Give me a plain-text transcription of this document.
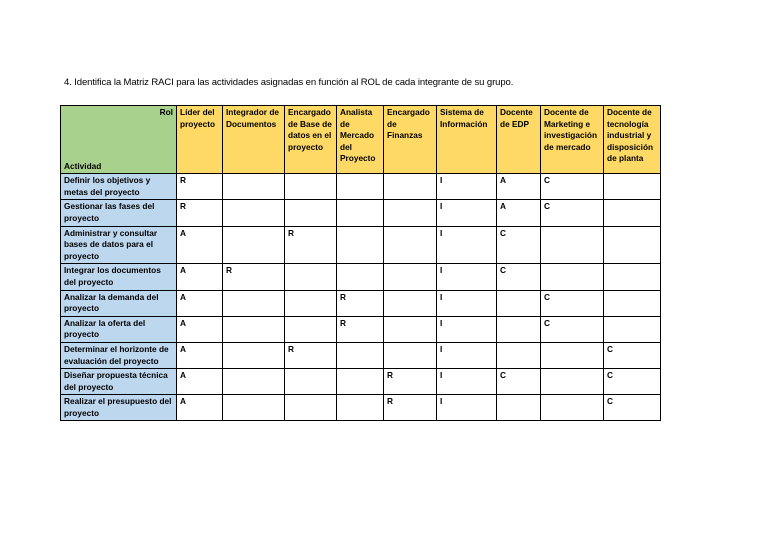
4. Identifica la Matriz RACI para las actividades asignadas en función al ROL de cada integrante de su grupo.
Rol
Actividad	Líder del proyecto	Integrador de Documentos	Encargado de Base de datos en el proyecto	Analista de Mercado del Proyecto	Encargado de Finanzas	Sistema de Información	Docente de EDP	Docente de Marketing e investigación de mercado	Docente de tecnología industrial y disposición de planta
Definir los objetivos y metas del proyecto	R					I	A	C	
Gestionar las fases del proyecto	R					I	A	C	
Administrar y consultar bases de datos para el proyecto	A		R			I	C		
Integrar los documentos del proyecto	A	R				I	C		
Analizar la demanda del proyecto	A			R		I		C	
Analizar la oferta del proyecto	A			R		I		C	
Determinar el horizonte de evaluación del proyecto	A		R			I			C
Diseñar propuesta técnica del proyecto	A				R	I	C		C
Realizar el presupuesto del proyecto	A				R	I			C
